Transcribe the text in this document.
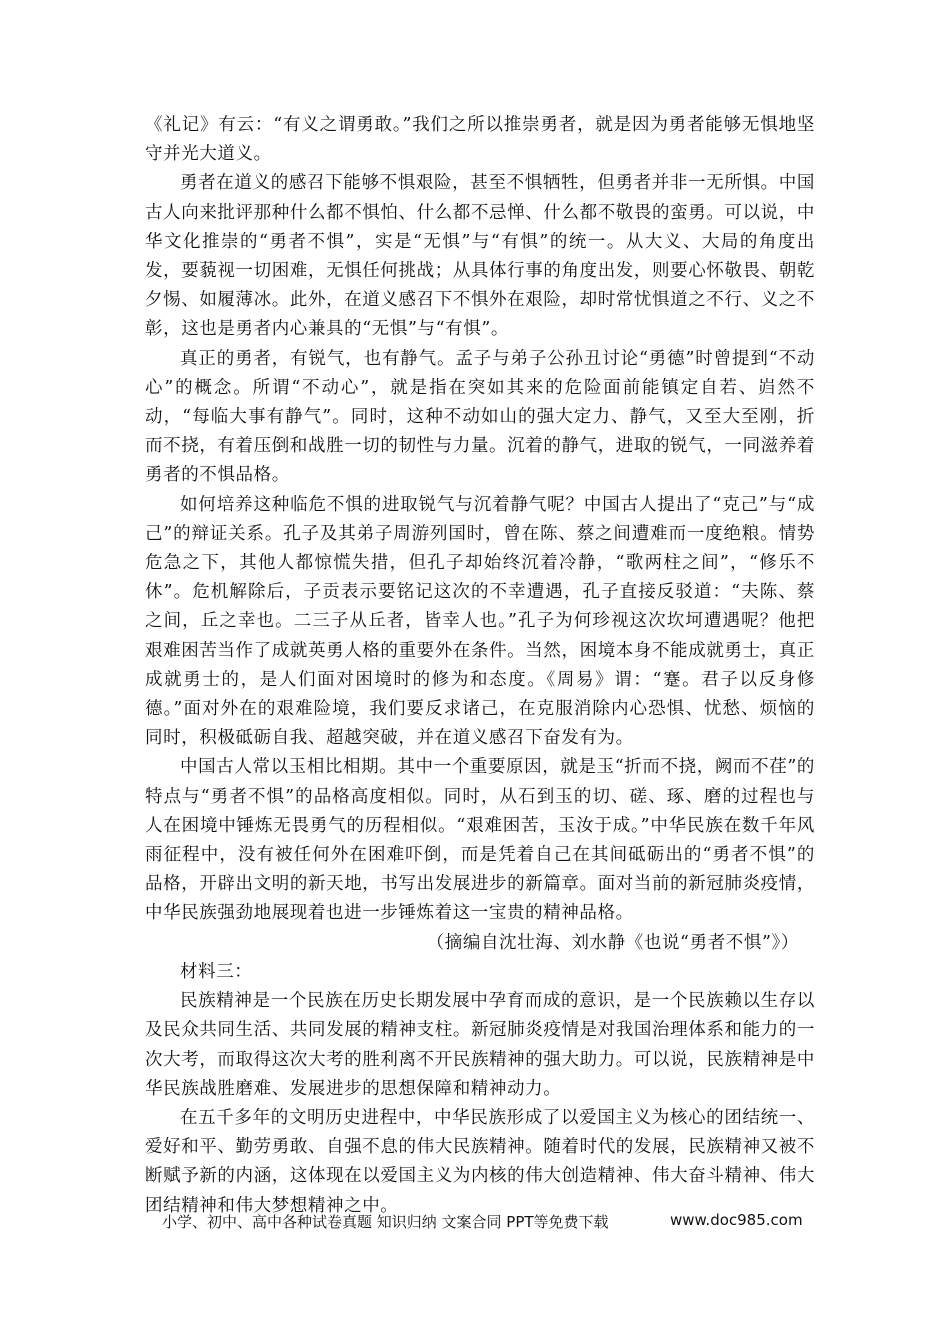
《礼记》有云：“有义之谓勇敢。”我们之所以推崇勇者，就是因为勇者能够无惧地坚守并光大道义。

勇者在道义的感召下能够不惧艰险，甚至不惧牺牲，但勇者并非一无所惧。中国古人向来批评那种什么都不惧怕、什么都不忌惮、什么都不敬畏的蛮勇。可以说，中华文化推崇的“勇者不惧”，实是“无惧”与“有惧”的统一。从大义、大局的角度出发，要藐视一切困难，无惧任何挑战；从具体行事的角度出发，则要心怀敬畏、朝乾夕惕、如履薄冰。此外，在道义感召下不惧外在艰险，却时常忧惧道之不行、义之不彰，这也是勇者内心兼具的“无惧”与“有惧”。

真正的勇者，有锐气，也有静气。孟子与弟子公孙丑讨论“勇德”时曾提到“不动心”的概念。所谓“不动心”，就是指在突如其来的危险面前能镇定自若、岿然不动，“每临大事有静气”。同时，这种不动如山的强大定力、静气，又至大至刚，折而不挠，有着压倒和战胜一切的韧性与力量。沉着的静气，进取的锐气，一同滋养着勇者的不惧品格。

如何培养这种临危不惧的进取锐气与沉着静气呢？中国古人提出了“克己”与“成己”的辩证关系。孔子及其弟子周游列国时，曾在陈、蔡之间遭难而一度绝粮。情势危急之下，其他人都惊慌失措，但孔子却始终沉着冷静，“歌两柱之间”，“修乐不休”。危机解除后，子贡表示要铭记这次的不幸遭遇，孔子直接反驳道：“夫陈、蔡之间，丘之幸也。二三子从丘者，皆幸人也。”孔子为何珍视这次坎坷遭遇呢？他把艰难困苦当作了成就英勇人格的重要外在条件。当然，困境本身不能成就勇士，真正成就勇士的，是人们面对困境时的修为和态度。《周易》谓：“蹇。君子以反身修德。”面对外在的艰难险境，我们要反求诸己，在克服消除内心恐惧、忧愁、烦恼的同时，积极砥砺自我、超越突破，并在道义感召下奋发有为。

中国古人常以玉相比相期。其中一个重要原因，就是玉“折而不挠，阙而不荏”的特点与“勇者不惧”的品格高度相似。同时，从石到玉的切、磋、琢、磨的过程也与人在困境中锤炼无畏勇气的历程相似。“艰难困苦，玉汝于成。”中华民族在数千年风雨征程中，没有被任何外在困难吓倒，而是凭着自己在其间砥砺出的“勇者不惧”的品格，开辟出文明的新天地，书写出发展进步的新篇章。面对当前的新冠肺炎疫情，中华民族强劲地展现着也进一步锤炼着这一宝贵的精神品格。

（摘编自沈壮海、刘水静《也说“勇者不惧”》）

材料三：

民族精神是一个民族在历史长期发展中孕育而成的意识，是一个民族赖以生存以及民众共同生活、共同发展的精神支柱。新冠肺炎疫情是对我国治理体系和能力的一次大考，而取得这次大考的胜利离不开民族精神的强大助力。可以说，民族精神是中华民族战胜磨难、发展进步的思想保障和精神动力。

在五千多年的文明历史进程中，中华民族形成了以爱国主义为核心的团结统一、爱好和平、勤劳勇敢、自强不息的伟大民族精神。随着时代的发展，民族精神又被不断赋予新的内涵，这体现在以爱国主义为内核的伟大创造精神、伟大奋斗精神、伟大团结精神和伟大梦想精神之中。

小学、初中、高中各种试卷真题 知识归纳 文案合同 PPT等免费下载	www.doc985.com
